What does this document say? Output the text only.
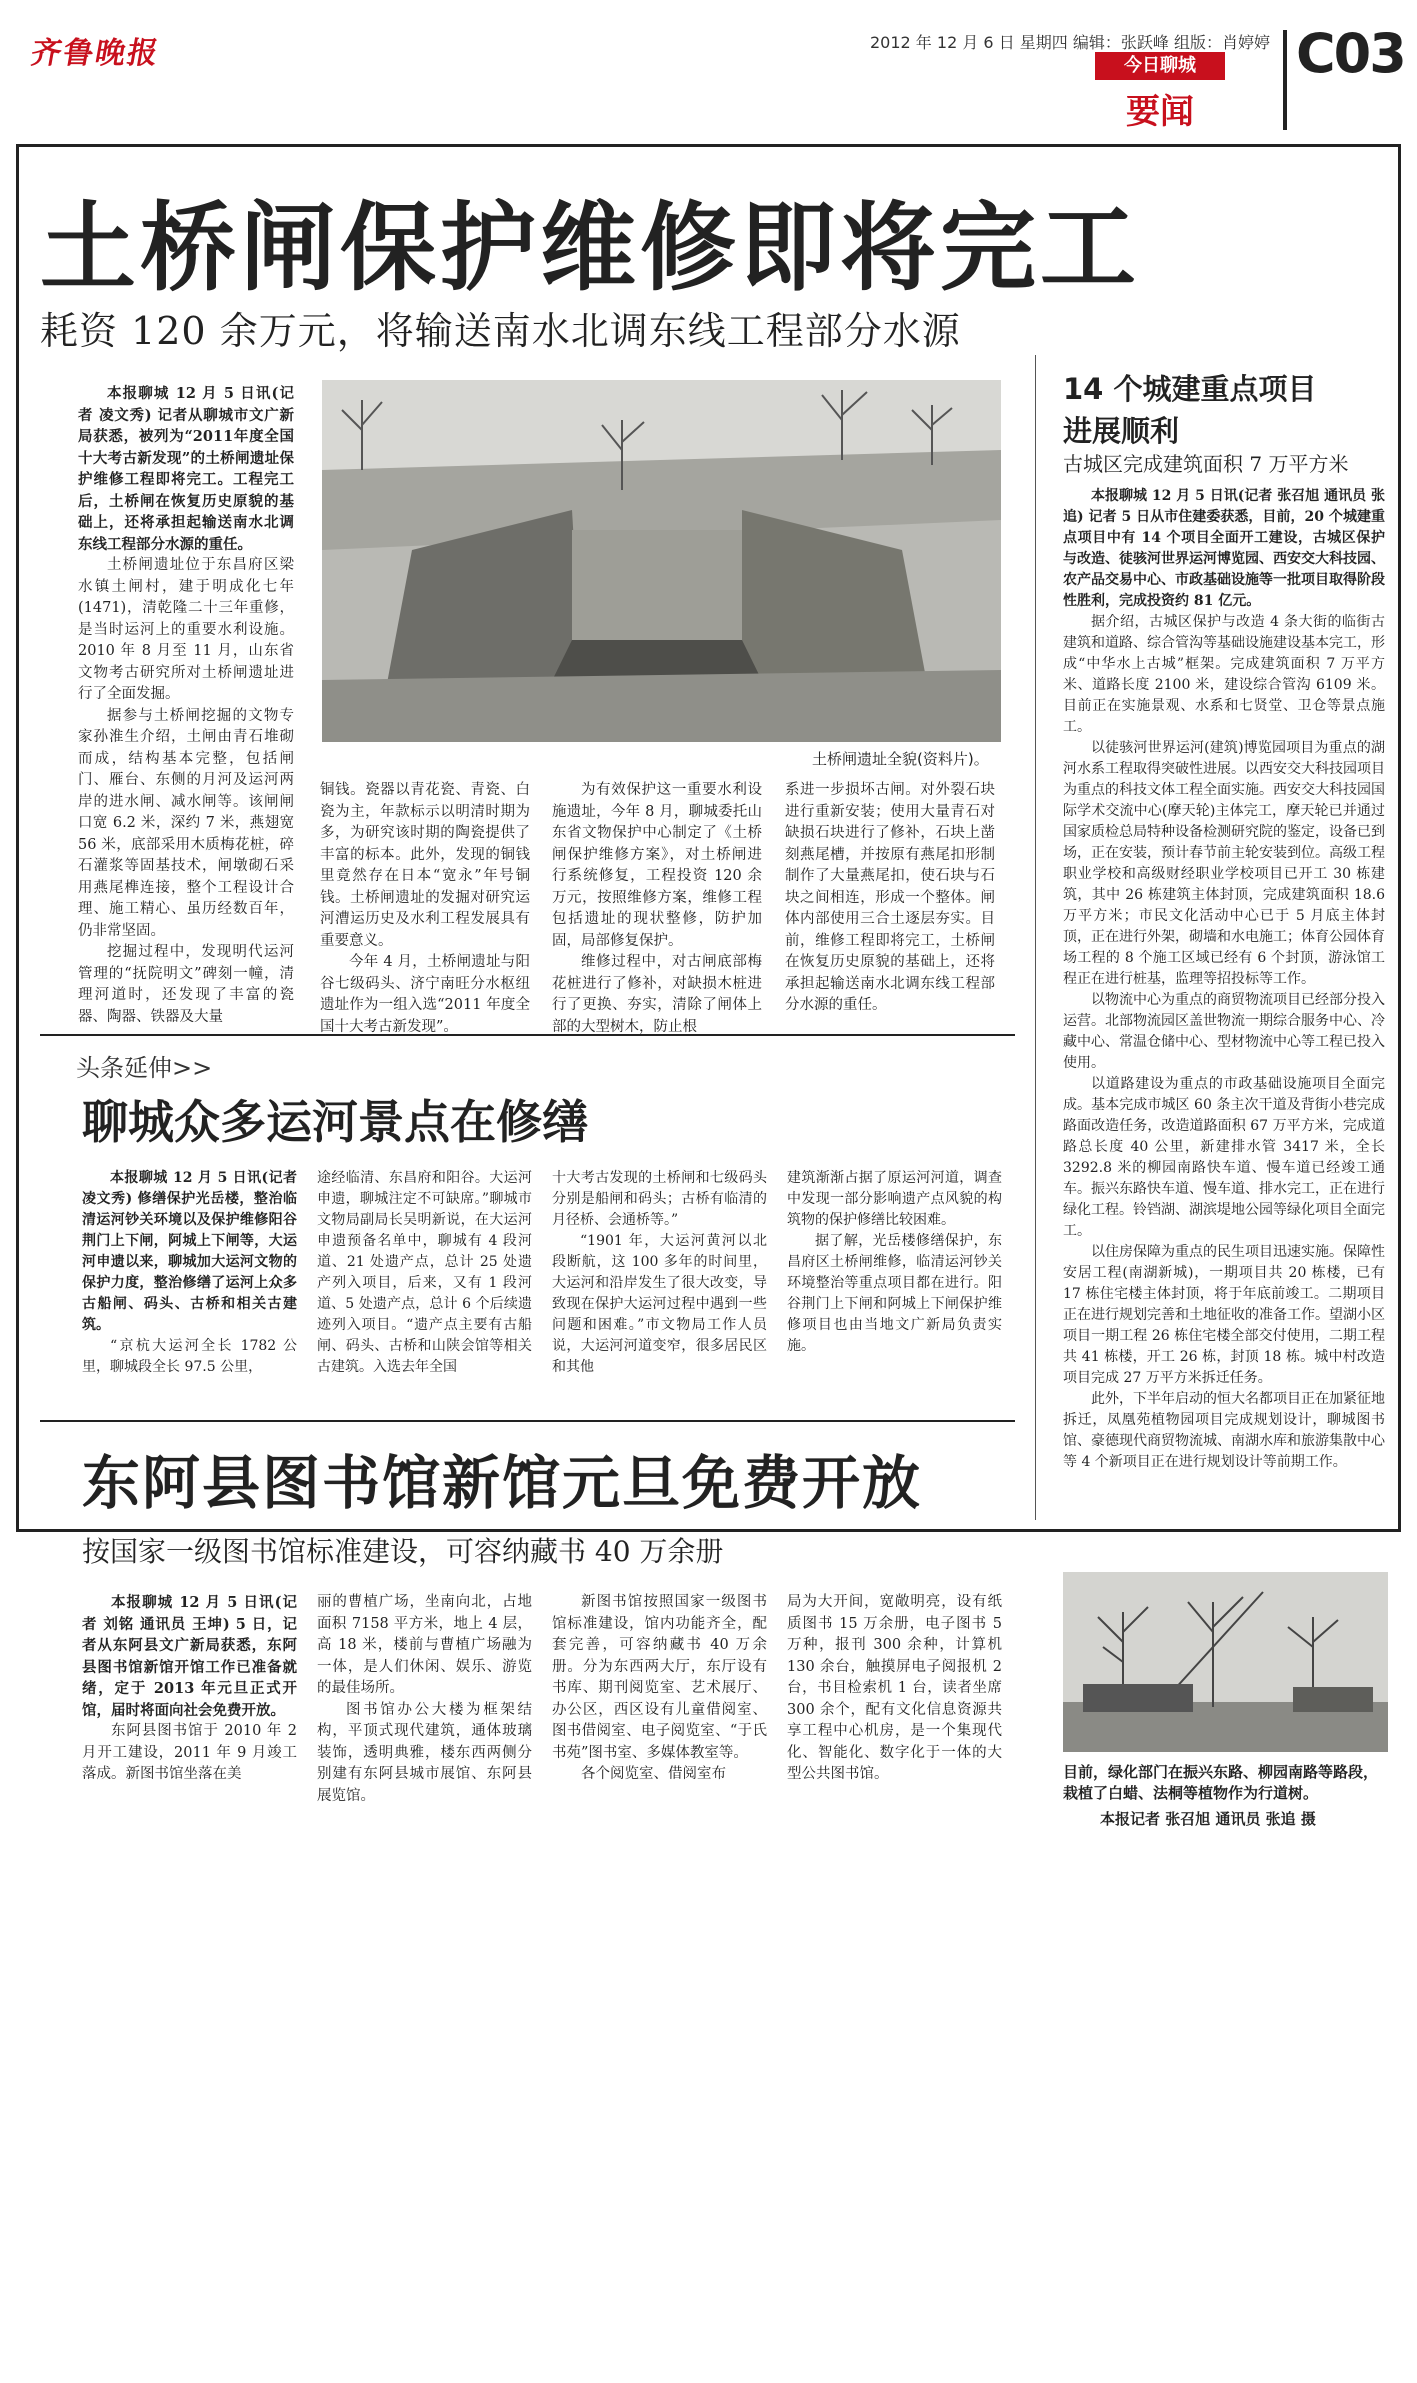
齐鲁晚报	2012 年 12 月 6 日 星期四 编辑：张跃峰 组版：肖婷婷
今日聊城
要闻
C03
土桥闸保护维修即将完工
耗资 120 余万元，将输送南水北调东线工程部分水源

本报聊城 12 月 5 日讯(记者 凌文秀) 记者从聊城市文广新局获悉，被列为“2011年度全国十大考古新发现”的土桥闸遗址保护维修工程即将完工。工程完工后，土桥闸在恢复历史原貌的基础上，还将承担起输送南水北调东线工程部分水源的重任。

土桥闸遗址位于东昌府区梁水镇土闸村，建于明成化七年(1471)，清乾隆二十三年重修，是当时运河上的重要水利设施。2010 年 8 月至 11 月，山东省文物考古研究所对土桥闸遗址进行了全面发掘。

据参与土桥闸挖掘的文物专家孙淮生介绍，土闸由青石堆砌而成，结构基本完整，包括闸门、雁台、东侧的月河及运河两岸的进水闸、减水闸等。该闸闸口宽 6.2 米，深约 7 米，燕翅宽 56 米，底部采用木质梅花桩，碎石灌浆等固基技术，闸墩砌石采用燕尾榫连接，整个工程设计合理、施工精心、虽历经数百年，仍非常坚固。

挖掘过程中，发现明代运河管理的“抚院明文”碑刻一幢，清理河道时，还发现了丰富的瓷器、陶器、铁器及大量

土桥闸遗址全貌(资料片)。

铜钱。瓷器以青花瓷、青瓷、白瓷为主，年款标示以明清时期为多，为研究该时期的陶瓷提供了丰富的标本。此外，发现的铜钱里竟然存在日本“宽永”年号铜钱。土桥闸遗址的发掘对研究运河漕运历史及水利工程发展具有重要意义。

今年 4 月，土桥闸遗址与阳谷七级码头、济宁南旺分水枢纽遗址作为一组入选“2011 年度全国十大考古新发现”。

为有效保护这一重要水利设施遗址，今年 8 月，聊城委托山东省文物保护中心制定了《土桥闸保护维修方案》，对土桥闸进行系统修复，工程投资 120 余万元，按照维修方案，维修工程包括遗址的现状整修，防护加固，局部修复保护。

维修过程中，对古闸底部梅花桩进行了修补，对缺损木桩进行了更换、夯实，清除了闸体上部的大型树木，防止根

系进一步损坏古闸。对外裂石块进行重新安装；使用大量青石对缺损石块进行了修补，石块上凿刻燕尾槽，并按原有燕尾扣形制制作了大量燕尾扣，使石块与石块之间相连，形成一个整体。闸体内部使用三合土逐层夯实。目前，维修工程即将完工，土桥闸在恢复历史原貌的基础上，还将承担起输送南水北调东线工程部分水源的重任。

头条延伸>>
聊城众多运河景点在修缮

本报聊城 12 月 5 日讯(记者 凌文秀) 修缮保护光岳楼，整治临清运河钞关环境以及保护维修阳谷荆门上下闸，阿城上下闸等，大运河申遗以来，聊城加大运河文物的保护力度，整治修缮了运河上众多古船闸、码头、古桥和相关古建筑。

“京杭大运河全长 1782 公里，聊城段全长 97.5 公里，

途经临清、东昌府和阳谷。大运河申遗，聊城注定不可缺席。”聊城市文物局副局长吴明新说，在大运河申遗预备名单中，聊城有 4 段河道、21 处遗产点，总计 25 处遗产列入项目，后来，又有 1 段河道、5 处遗产点，总计 6 个后续遗迹列入项目。“遗产点主要有古船闸、码头、古桥和山陕会馆等相关古建筑。入选去年全国

十大考古发现的土桥闸和七级码头分别是船闸和码头；古桥有临清的月径桥、会通桥等。”

“1901 年，大运河黄河以北段断航，这 100 多年的时间里，大运河和沿岸发生了很大改变，导致现在保护大运河过程中遇到一些问题和困难。”市文物局工作人员说，大运河河道变窄，很多居民区和其他

建筑渐渐占据了原运河河道，调查中发现一部分影响遗产点风貌的构筑物的保护修缮比较困难。

据了解，光岳楼修缮保护，东昌府区土桥闸维修，临清运河钞关环境整治等重点项目都在进行。阳谷荆门上下闸和阿城上下闸保护维修项目也由当地文广新局负责实施。

东阿县图书馆新馆元旦免费开放
按国家一级图书馆标准建设，可容纳藏书 40 万余册

本报聊城 12 月 5 日讯(记者 刘铭 通讯员 王坤) 5 日，记者从东阿县文广新局获悉，东阿县图书馆新馆开馆工作已准备就绪，定于 2013 年元旦正式开馆，届时将面向社会免费开放。

东阿县图书馆于 2010 年 2 月开工建设，2011 年 9 月竣工落成。新图书馆坐落在美

丽的曹植广场，坐南向北，占地面积 7158 平方米，地上 4 层，高 18 米，楼前与曹植广场融为一体，是人们休闲、娱乐、游览的最佳场所。

图书馆办公大楼为框架结构，平顶式现代建筑，通体玻璃装饰，透明典雅，楼东西两侧分别建有东阿县城市展馆、东阿县展览馆。

新图书馆按照国家一级图书馆标准建设，馆内功能齐全，配套完善，可容纳藏书 40 万余册。分为东西两大厅，东厅设有书库、期刊阅览室、艺术展厅、办公区，西区设有儿童借阅室、图书借阅室、电子阅览室、“于氏书苑”图书室、多媒体教室等。

各个阅览室、借阅室布

局为大开间，宽敞明亮，设有纸质图书 15 万余册，电子图书 5 万种，报刊 300 余种，计算机 130 余台，触摸屏电子阅报机 2 台，书目检索机 1 台，读者坐席 300 余个，配有文化信息资源共享工程中心机房，是一个集现代化、智能化、数字化于一体的大型公共图书馆。

14 个城建重点项目
进展顺利
古城区完成建筑面积 7 万平方米

本报聊城 12 月 5 日讯(记者 张召旭 通讯员 张追) 记者 5 日从市住建委获悉，目前，20 个城建重点项目中有 14 个项目全面开工建设，古城区保护与改造、徒骇河世界运河博览园、西安交大科技园、农产品交易中心、市政基础设施等一批项目取得阶段性胜利，完成投资约 81 亿元。

据介绍，古城区保护与改造 4 条大街的临街古建筑和道路、综合管沟等基础设施建设基本完工，形成“中华水上古城”框架。完成建筑面积 7 万平方米、道路长度 2100 米，建设综合管沟 6109 米。目前正在实施景观、水系和七贤堂、卫仓等景点施工。

以徒骇河世界运河(建筑)博览园项目为重点的湖河水系工程取得突破性进展。以西安交大科技园项目为重点的科技文体工程全面实施。西安交大科技园国际学术交流中心(摩天轮)主体完工，摩天轮已并通过国家质检总局特种设备检测研究院的鉴定，设备已到场，正在安装，预计春节前主轮安装到位。高级工程职业学校和高级财经职业学校项目已开工 30 栋建筑，其中 26 栋建筑主体封顶，完成建筑面积 18.6 万平方米；市民文化活动中心已于 5 月底主体封顶，正在进行外架，砌墙和水电施工；体育公园体育场工程的 8 个施工区域已经有 6 个封顶，游泳馆工程正在进行桩基，监理等招投标等工作。

以物流中心为重点的商贸物流项目已经部分投入运营。北部物流园区盖世物流一期综合服务中心、冷藏中心、常温仓储中心、型材物流中心等工程已投入使用。

以道路建设为重点的市政基础设施项目全面完成。基本完成市城区 60 条主次干道及背街小巷完成路面改造任务，改造道路面积 67 万平方米，完成道路总长度 40 公里，新建排水管 3417 米，全长 3292.8 米的柳园南路快车道、慢车道已经竣工通车。振兴东路快车道、慢车道、排水完工，正在进行绿化工程。铃铛湖、湖滨堤地公园等绿化项目全面完工。

以住房保障为重点的民生项目迅速实施。保障性安居工程(南湖新城)，一期项目共 20 栋楼，已有 17 栋住宅楼主体封顶，将于年底前竣工。二期项目正在进行规划完善和土地征收的准备工作。望湖小区项目一期工程 26 栋住宅楼全部交付使用，二期工程共 41 栋楼，开工 26 栋，封顶 18 栋。城中村改造项目完成 27 万平方米拆迁任务。

此外，下半年启动的恒大名都项目正在加紧征地拆迁，凤凰苑植物园项目完成规划设计，聊城图书馆、豪德现代商贸物流城、南湖水库和旅游集散中心等 4 个新项目正在进行规划设计等前期工作。

目前，绿化部门在振兴东路、柳园南路等路段，栽植了白蜡、法桐等植物作为行道树。
本报记者 张召旭 通讯员 张追 摄
